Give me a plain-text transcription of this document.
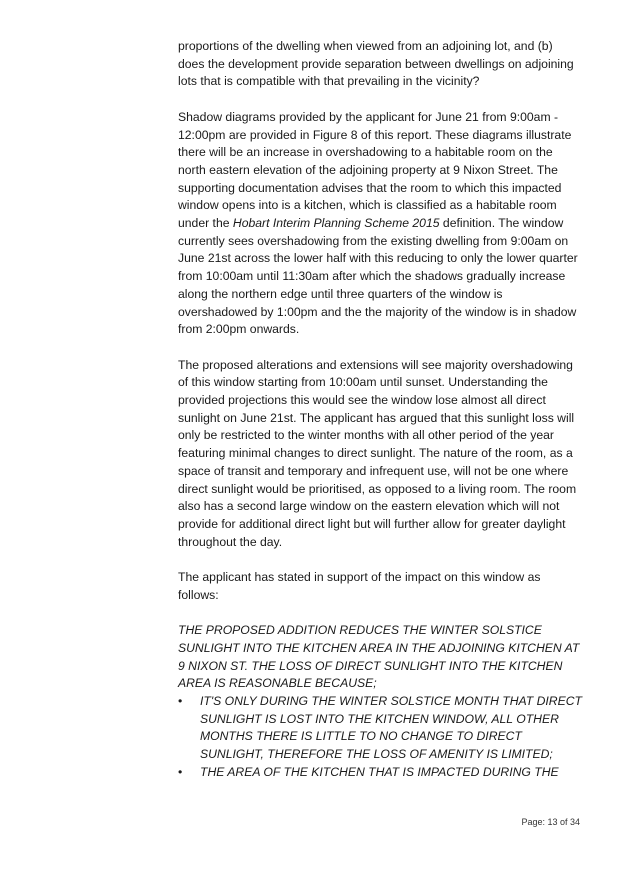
proportions of the dwelling when viewed from an adjoining lot, and (b) does the development provide separation between dwellings on adjoining lots that is compatible with that prevailing in the vicinity?

Shadow diagrams provided by the applicant for June 21 from 9:00am - 12:00pm are provided in Figure 8 of this report. These diagrams illustrate there will be an increase in overshadowing to a habitable room on the north eastern elevation of the adjoining property at 9 Nixon Street. The supporting documentation advises that the room to which this impacted window opens into is a kitchen, which is classified as a habitable room under the Hobart Interim Planning Scheme 2015 definition. The window currently sees overshadowing from the existing dwelling from 9:00am on June 21st across the lower half with this reducing to only the lower quarter from 10:00am until 11:30am after which the shadows gradually increase along the northern edge until three quarters of the window is overshadowed by 1:00pm and the the majority of the window is in shadow from 2:00pm onwards.

The proposed alterations and extensions will see majority overshadowing of this window starting from 10:00am until sunset. Understanding the provided projections this would see the window lose almost all direct sunlight on June 21st. The applicant has argued that this sunlight loss will only be restricted to the winter months with all other period of the year featuring minimal changes to direct sunlight. The nature of the room, as a space of transit and temporary and infrequent use, will not be one where direct sunlight would be prioritised, as opposed to a living room. The room also has a second large window on the eastern elevation which will not provide for additional direct light but will further allow for greater daylight throughout the day.

The applicant has stated in support of the impact on this window as follows:

THE PROPOSED ADDITION REDUCES THE WINTER SOLSTICE SUNLIGHT INTO THE KITCHEN AREA IN THE ADJOINING KITCHEN AT 9 NIXON ST. THE LOSS OF DIRECT SUNLIGHT INTO THE KITCHEN AREA IS REASONABLE BECAUSE;

• IT'S ONLY DURING THE WINTER SOLSTICE MONTH THAT DIRECT SUNLIGHT IS LOST INTO THE KITCHEN WINDOW, ALL OTHER MONTHS THERE IS LITTLE TO NO CHANGE TO DIRECT SUNLIGHT, THEREFORE THE LOSS OF AMENITY IS LIMITED;
• THE AREA OF THE KITCHEN THAT IS IMPACTED DURING THE
Page: 13 of 34
